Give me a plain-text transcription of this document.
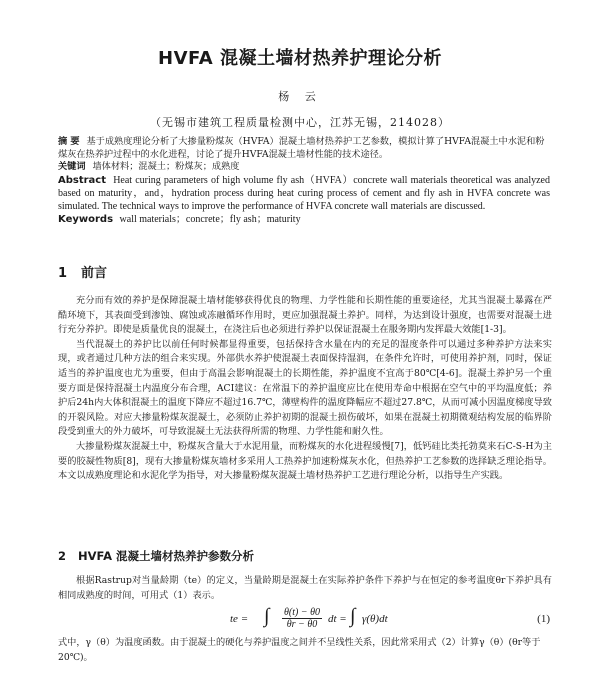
HVFA 混凝土墙材热养护理论分析
杨 云
（无锡市建筑工程质量检测中心，江苏无锡，214028）

摘 要 基于成熟度理论分析了大掺量粉煤灰（HVFA）混凝土墙材热养护工艺参数，模拟计算了HVFA混凝土中水泥和粉煤灰在热养护过程中的水化进程，讨论了提升HVFA混凝土墙材性能的技术途径。

关键词 墙体材料；混凝土；粉煤灰；成熟度

Abstract Heat curing parameters of high volume fly ash（HVFA）concrete wall materials theoretical was analyzed based on maturity，and，hydration process during heat curing process of cement and fly ash in HVFA concrete was simulated. The technical ways to improve the performance of HVFA concrete wall materials are discussed.

Keywords wall materials；concrete；fly ash；maturity

1 前言

充分而有效的养护是保障混凝土墙材能够获得优良的物理、力学性能和长期性能的重要途径，尤其当混凝土暴露在严酷环境下，其表面受到渗蚀、腐蚀或冻融循环作用时，更应加强混凝土养护。同样，为达到设计强度，也需要对混凝土进行充分养护。即使是质量优良的混凝土，在浇注后也必须进行养护以保证混凝土在服务期内发挥最大效能[1-3]。

当代混凝土的养护比以前任何时候都显得重要，包括保持含水量在内的充足的湿度条件可以通过多种养护方法来实现，或者通过几种方法的组合来实现。外部供水养护使混凝土表面保持湿润，在条件允许时，可使用养护剂，同时，保证适当的养护温度也尤为重要，但由于高温会影响混凝土的长期性能，养护温度不宜高于80℃[4-6]。混凝土养护另一个重要方面是保持混凝土内温度分布合理，ACI建议：在常温下的养护温度应比在使用寿命中根据在空气中的平均温度低；养护后24h内大体积混凝土的温度下降应不超过16.7℃，薄壁构件的温度降幅应不超过27.8℃，从而可减小因温度梯度导致的开裂风险。对应大掺量粉煤灰混凝土，必须防止养护初期的混凝土损伤破坏，如果在混凝土初期微观结构发展的临界阶段受到重大的外力破坏，可导致混凝土无法获得所需的物理、力学性能和耐久性。

大掺量粉煤灰混凝土中，粉煤灰含量大于水泥用量，而粉煤灰的水化进程缓慢[7]，低钙硅比类托勃莫来石C-S-H为主要的胶凝性物质[8]，现有大掺量粉煤灰墙材多采用人工热养护加速粉煤灰水化，但热养护工艺参数的选择缺乏理论指导。本文以成熟度理论和水泥化学为指导，对大掺量粉煤灰混凝土墙材热养护工艺进行理论分析，以指导生产实践。

2 HVFA 混凝土墙材热养护参数分析

根据Rastrup对当量龄期（te）的定义，当量龄期是混凝土在实际养护条件下养护与在恒定的参考温度θr下养护具有相同成熟度的时间，可用式（1）表示。

te = ∫ $\frac{\theta(t) - \theta 0}{\theta r - \theta 0}$ dt = ∫ γ(θ)dt	(1)

式中，γ（θ）为温度函数。由于混凝土的硬化与养护温度之间并不呈线性关系，因此常采用式（2）计算γ（θ）(θr等于20℃)。
